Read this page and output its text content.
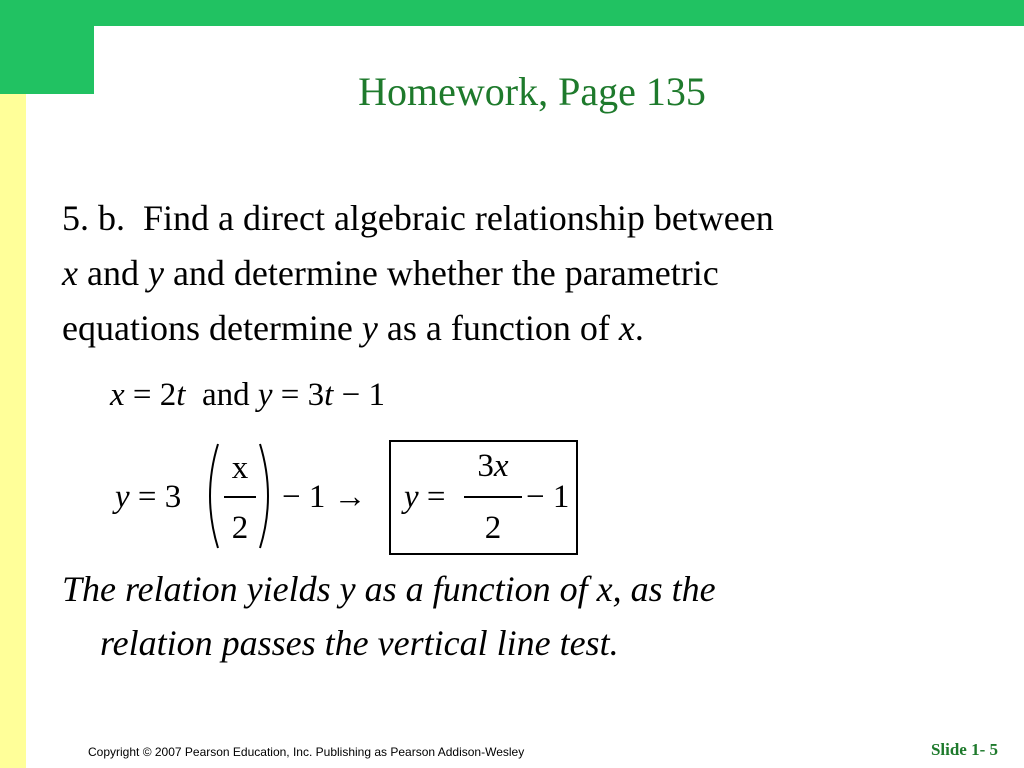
Homework, Page 135
5. b. Find a direct algebraic relationship between
x and y and determine whether the parametric
equations determine y as a function of x.
x = 2t and y = 3t − 1
y = 3
x
2
− 1 → y =
3x
2
− 1
The relation yields y as a function of x, as the
relation passes the vertical line test.
Copyright © 2007 Pearson Education, Inc. Publishing as Pearson Addison-Wesley	Slide 1- 5
